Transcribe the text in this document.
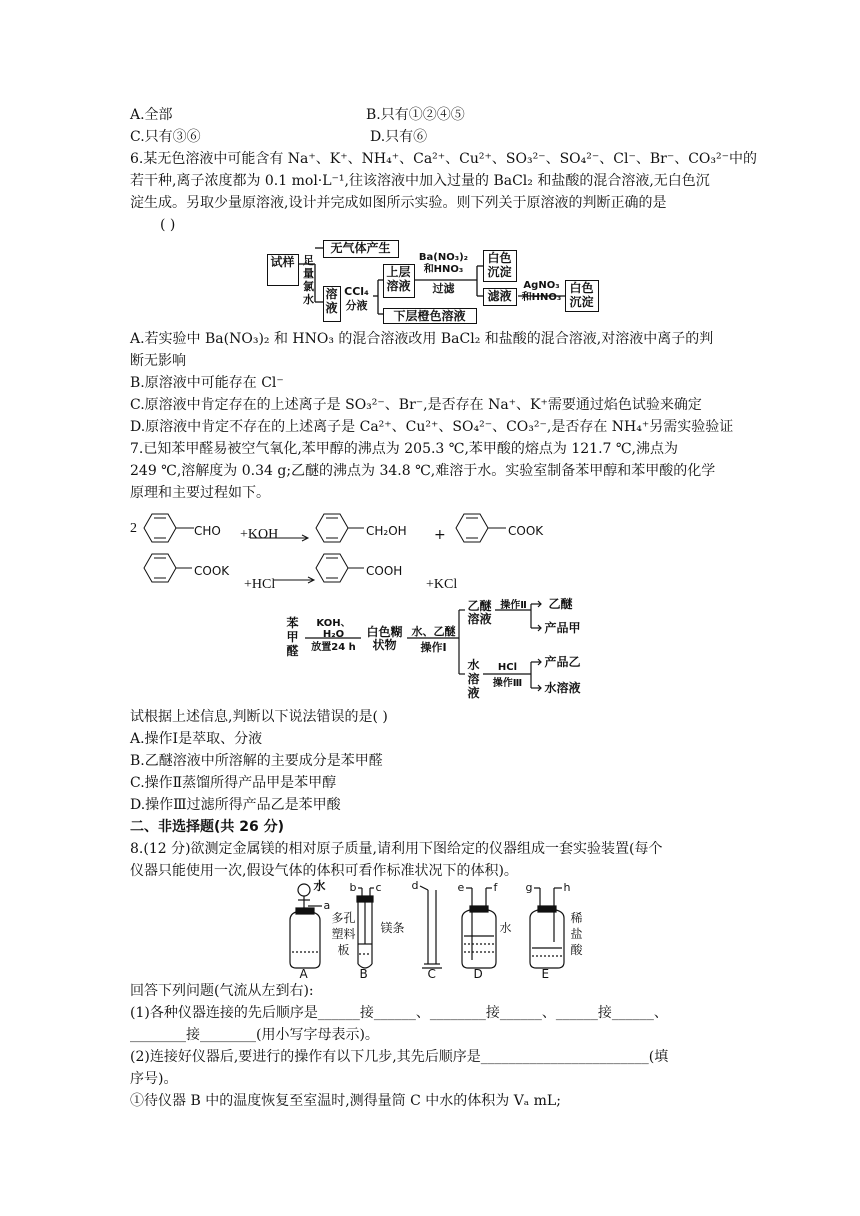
A.全部	B.只有①②④⑤
C.只有③⑥	D.只有⑥
6.某无色溶液中可能含有 Na⁺、K⁺、NH₄⁺、Ca²⁺、Cu²⁺、SO₃²⁻、SO₄²⁻、Cl⁻、Br⁻、CO₃²⁻中的
若干种,离子浓度都为 0.1 mol·L⁻¹,往该溶液中加入过量的 BaCl₂ 和盐酸的混合溶液,无白色沉
淀生成。另取少量原溶液,设计并完成如图所示实验。则下列关于原溶液的判断正确的是
( )
试样 足量氯水
无气体产生
溶液
CCl₄
分液
上层溶液
下层橙色溶液
Ba(NO₃)₂和HNO₃
过滤
白色沉淀
滤液
AgNO₃和HNO₃
白色沉淀
A.若实验中 Ba(NO₃)₂ 和 HNO₃ 的混合溶液改用 BaCl₂ 和盐酸的混合溶液,对溶液中离子的判
断无影响
B.原溶液中可能存在 Cl⁻
C.原溶液中肯定存在的上述离子是 SO₃²⁻、Br⁻,是否存在 Na⁺、K⁺需要通过焰色试验来确定
D.原溶液中肯定不存在的上述离子是 Ca²⁺、Cu²⁺、SO₄²⁻、CO₃²⁻,是否存在 NH₄⁺另需实验验证
7.已知苯甲醛易被空气氧化,苯甲醇的沸点为 205.3 ℃,苯甲酸的熔点为 121.7 ℃,沸点为
249 ℃,溶解度为 0.34 g;乙醚的沸点为 34.8 ℃,难溶于水。实验室制备苯甲醇和苯甲酸的化学
原理和主要过程如下。
2	CHO +KOH	CH₂OH +	COOK
COOK
+HCl
COOH
+KCl
苯甲醛
KOH、H₂O
放置24 h
白色糊状物
水、乙醚
操作Ⅰ
乙醚溶液
操作Ⅱ	乙醚
产品甲
水溶液
HCl
操作Ⅲ
产品乙
水溶液
试根据上述信息,判断以下说法错误的是( )
A.操作Ⅰ是萃取、分液
B.乙醚溶液中所溶解的主要成分是苯甲醛
C.操作Ⅱ蒸馏所得产品甲是苯甲醇
D.操作Ⅲ过滤所得产品乙是苯甲酸
二、非选择题(共 26 分)
8.(12 分)欲测定金属镁的相对原子质量,请利用下图给定的仪器组成一套实验装置(每个
仪器只能使用一次,假设气体的体积可看作标准状况下的体积)。
水
a
b c	d	e	f	g	h
多孔塑料板
镁条	水
稀盐酸
A	B	C	D	E
回答下列问题(气流从左到右):
(1)各种仪器连接的先后顺序是______接______、________接______、______接______、
________接________(用小写字母表示)。
(2)连接好仪器后,要进行的操作有以下几步,其先后顺序是________________________(填
序号)。
①待仪器 B 中的温度恢复至室温时,测得量筒 C 中水的体积为 Vₐ mL;
